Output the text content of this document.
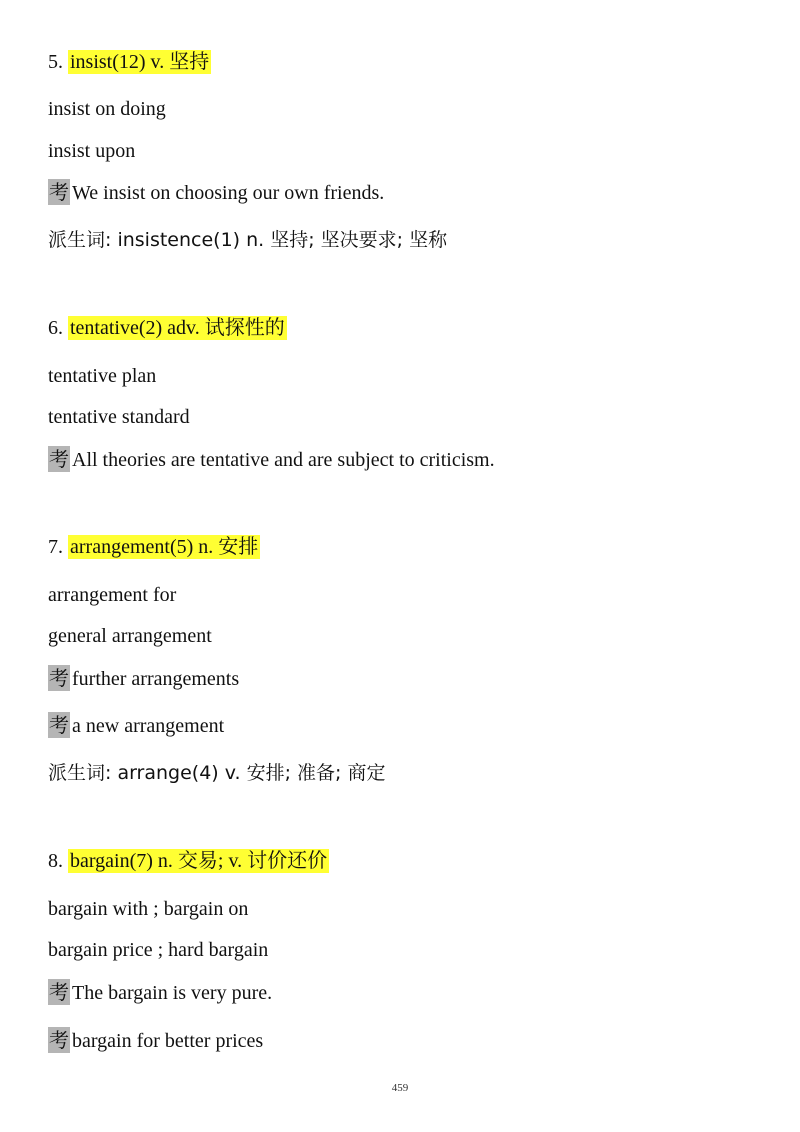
5. insist(12) v. 坚持
insist on doing
insist upon
考 We insist on choosing our own friends.
派生词: insistence(1) n. 坚持; 坚决要求; 坚称
6. tentative(2) adv. 试探性的
tentative plan
tentative standard
考 All theories are tentative and are subject to criticism.
7. arrangement(5) n. 安排
arrangement for
general arrangement
考 further arrangements
考 a new arrangement
派生词: arrange(4) v. 安排; 准备; 商定
8. bargain(7) n. 交易; v. 讨价还价
bargain with ; bargain on
bargain price ; hard bargain
考 The bargain is very pure.
考 bargain for better prices
459
